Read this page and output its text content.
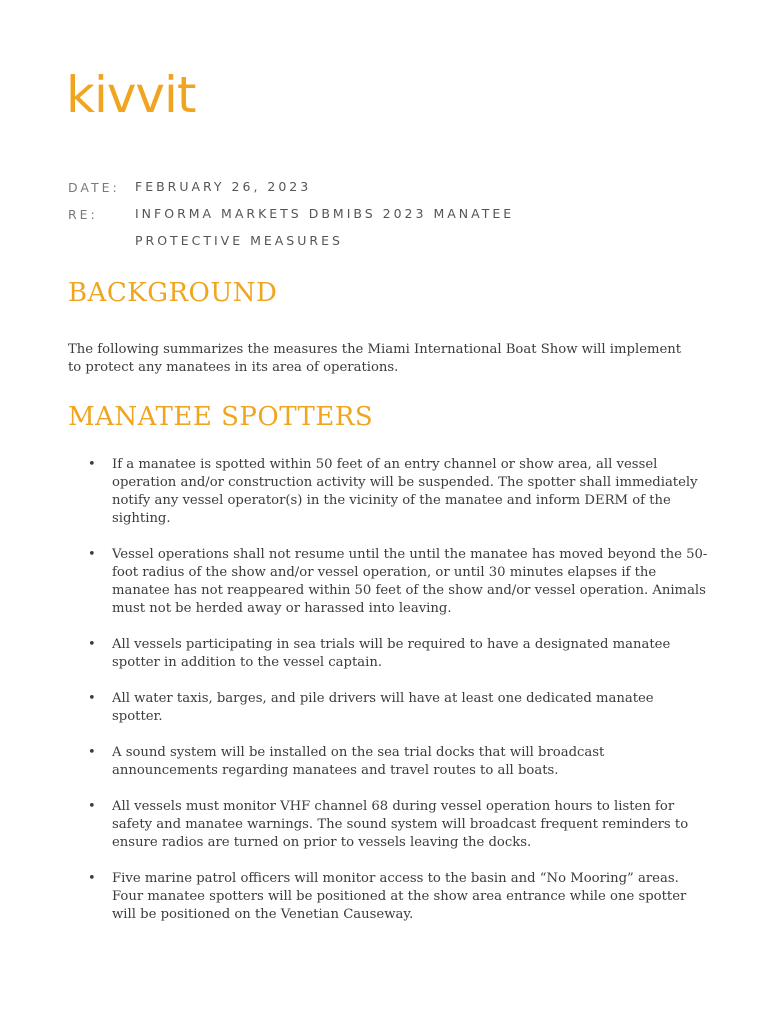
kivvit
DATE:	FEBRUARY 26, 2023
RE:	INFORMA MARKETS DBMIBS 2023 MANATEE PROTECTIVE MEASURES
BACKGROUND

The following summarizes the measures the Miami International Boat Show will implement to protect any manatees in its area of operations.

MANATEE SPOTTERS
• If a manatee is spotted within 50 feet of an entry channel or show area, all vessel operation and/or construction activity will be suspended. The spotter shall immediately notify any vessel operator(s) in the vicinity of the manatee and inform DERM of the sighting.
• Vessel operations shall not resume until the until the manatee has moved beyond the 50-foot radius of the show and/or vessel operation, or until 30 minutes elapses if the manatee has not reappeared within 50 feet of the show and/or vessel operation. Animals must not be herded away or harassed into leaving.
• All vessels participating in sea trials will be required to have a designated manatee spotter in addition to the vessel captain.
• All water taxis, barges, and pile drivers will have at least one dedicated manatee spotter.
• A sound system will be installed on the sea trial docks that will broadcast announcements regarding manatees and travel routes to all boats.
• All vessels must monitor VHF channel 68 during vessel operation hours to listen for safety and manatee warnings. The sound system will broadcast frequent reminders to ensure radios are turned on prior to vessels leaving the docks.
• Five marine patrol officers will monitor access to the basin and “No Mooring” areas. Four manatee spotters will be positioned at the show area entrance while one spotter will be positioned on the Venetian Causeway.
